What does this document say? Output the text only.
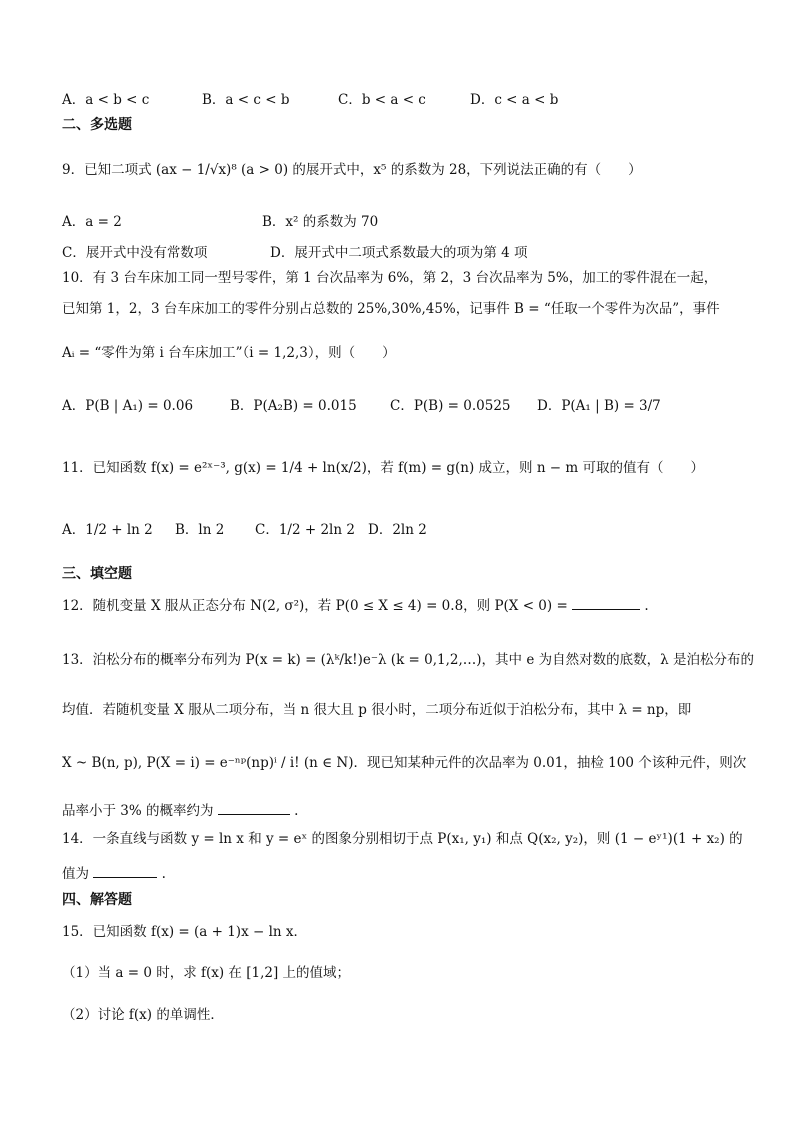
A．a < b < c	B．a < c < b	C．b < a < c	D．c < a < b
二、多选题
9．已知二项式 (ax − 1/√x)⁸ (a > 0) 的展开式中，x⁵ 的系数为 28，下列说法正确的有（　　）
A．a = 2	B．x² 的系数为 70
C．展开式中没有常数项	D．展开式中二项式系数最大的项为第 4 项
10．有 3 台车床加工同一型号零件，第 1 台次品率为 6%，第 2，3 台次品率为 5%，加工的零件混在一起，
已知第 1，2，3 台车床加工的零件分别占总数的 25%,30%,45%，记事件 B = “任取一个零件为次品”，事件
Aᵢ = “零件为第 i 台车床加工”（i = 1,2,3），则（　　）
A．P(B | A₁) = 0.06	B．P(A₂B) = 0.015 C．P(B) = 0.0525 D．P(A₁ | B) = 3/7
11．已知函数 f(x) = e²ˣ⁻³, g(x) = 1/4 + ln(x/2)，若 f(m) = g(n) 成立，则 n − m 可取的值有（　　）
A．1/2 + ln 2 B．ln 2 C．1/2 + 2ln 2 D．2ln 2
三、填空题
12．随机变量 X 服从正态分布 N(2, σ²)，若 P(0 ≤ X ≤ 4) = 0.8，则 P(X < 0) =	.
13．泊松分布的概率分布列为 P(x = k) = (λᵏ/k!)e⁻λ (k = 0,1,2,…)，其中 e 为自然对数的底数，λ 是泊松分布的
均值．若随机变量 X 服从二项分布，当 n 很大且 p 很小时，二项分布近似于泊松分布，其中 λ = np，即
X ~ B(n, p), P(X = i) = e⁻ⁿᵖ(np)ⁱ / i! (n ∈ N)．现已知某种元件的次品率为 0.01，抽检 100 个该种元件，则次
品率小于 3% 的概率约为	.
14．一条直线与函数 y = ln x 和 y = eˣ 的图象分别相切于点 P(x₁, y₁) 和点 Q(x₂, y₂)，则 (1 − eʸ¹)(1 + x₂) 的
值为	.
四、解答题
15．已知函数 f(x) = (a + 1)x − ln x．
（1）当 a = 0 时，求 f(x) 在 [1,2] 上的值域；
（2）讨论 f(x) 的单调性．
